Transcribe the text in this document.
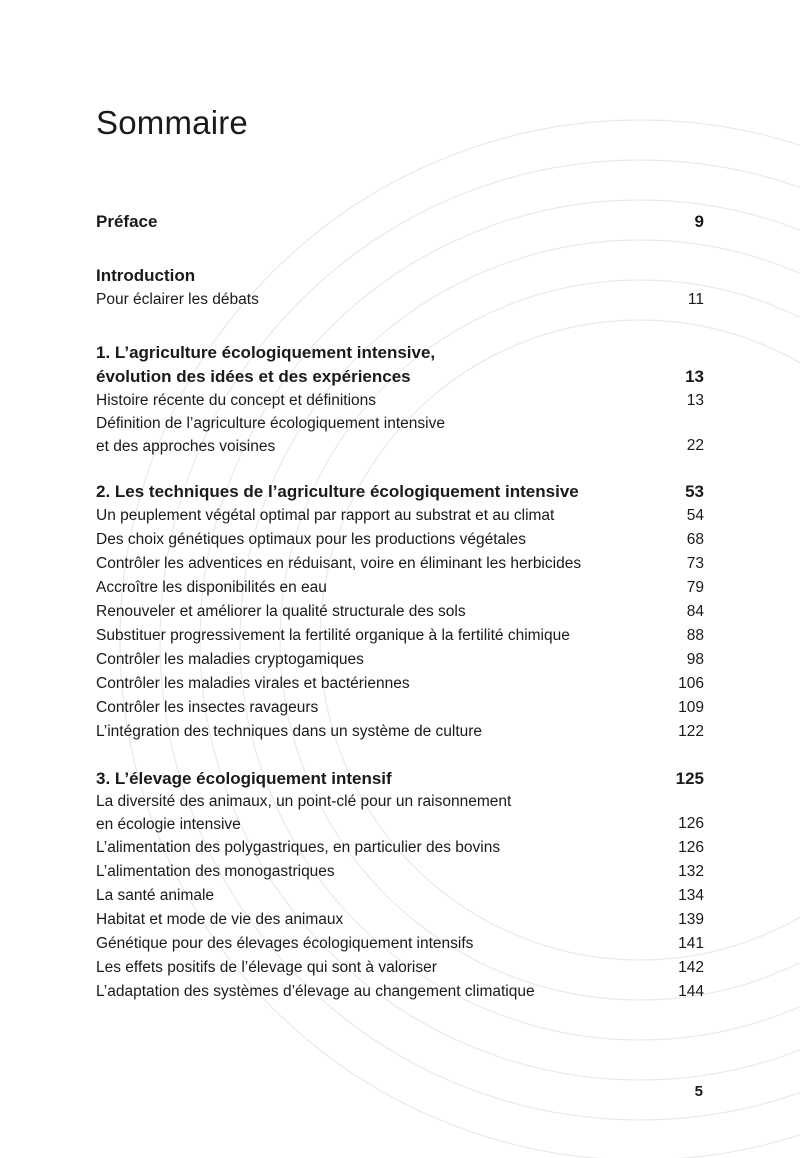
Sommaire
Préface	9
Introduction
Pour éclairer les débats	11
1. L’agriculture écologiquement intensive,
évolution des idées et des expériences	13
Histoire récente du concept et définitions	13
Définition de l’agriculture écologiquement intensive
et des approches voisines	22
2. Les techniques de l’agriculture écologiquement intensive	53
Un peuplement végétal optimal par rapport au substrat et au climat	54
Des choix génétiques optimaux pour les productions végétales	68
Contrôler les adventices en réduisant, voire en éliminant les herbicides	73
Accroître les disponibilités en eau	79
Renouveler et améliorer la qualité structurale des sols	84
Substituer progressivement la fertilité organique à la fertilité chimique	88
Contrôler les maladies cryptogamiques	98
Contrôler les maladies virales et bactériennes	106
Contrôler les insectes ravageurs	109
L’intégration des techniques dans un système de culture	122
3. L’élevage écologiquement intensif	125
La diversité des animaux, un point-clé pour un raisonnement
en écologie intensive	126
L’alimentation des polygastriques, en particulier des bovins	126
L’alimentation des monogastriques	132
La santé animale	134
Habitat et mode de vie des animaux	139
Génétique pour des élevages écologiquement intensifs	141
Les effets positifs de l’élevage qui sont à valoriser	142
L’adaptation des systèmes d’élevage au changement climatique	144
5
